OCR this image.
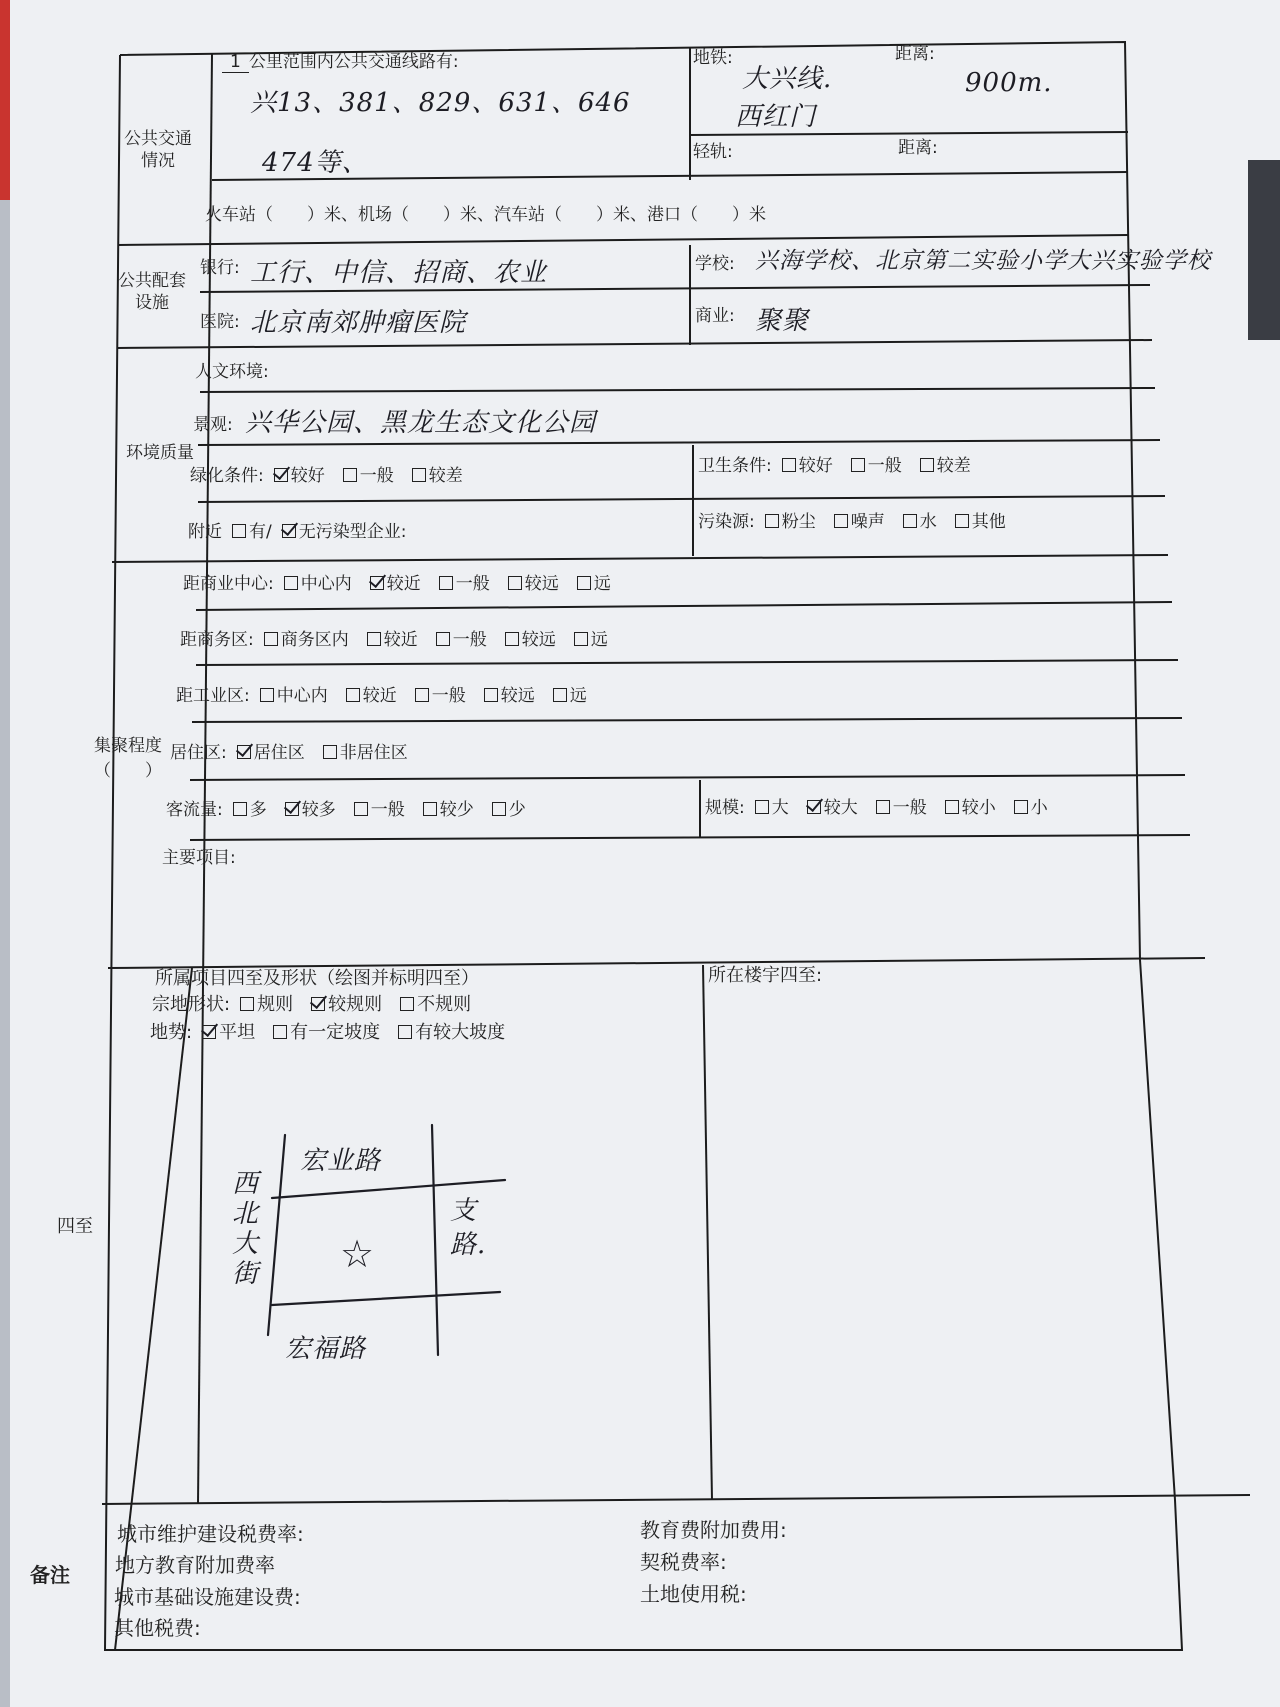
公共交通情况
1 公里范围内公共交通线路有:
兴13、381、829、631、646
474等、
地铁:
大兴线.
西红门
距离:
900m.
轻轨:	距离:
火车站（　　）米、机场（　　）米、汽车站（　　）米、港口（　　）米
公共配套设施
银行: 工行、中信、招商、农业	学校: 兴海学校、北京第二实验小学大兴实验学校
医院: 北京南郊肿瘤医院	商业: 聚聚
环境质量
人文环境:
景观: 兴华公园、黑龙生态文化公园
绿化条件: 较好 一般 较差	卫生条件: 较好 一般 较差
附近 有/ 无污染型企业:	污染源: 粉尘 噪声 水 其他
集聚程度
（　　）
距商业中心: 中心内 较近 一般 较远 远
距商务区: 商务区内 较近 一般 较远 远
距工业区: 中心内 较近 一般 较远 远
居住区: 居住区 非居住区
客流量: 多 较多 一般 较少 少	规模: 大 较大 一般 较小 小
主要项目:
四至
所属项目四至及形状（绘图并标明四至）
宗地形状: 规则 较规则 不规则
地势: 平坦 有一定坡度 有较大坡度
所在楼宇四至:
宏业路
宏福路
西北大街
支路.
☆
备注
城市维护建设税费率:
地方教育附加费率
城市基础设施建设费:
其他税费:
教育费附加费用:
契税费率:
土地使用税:
